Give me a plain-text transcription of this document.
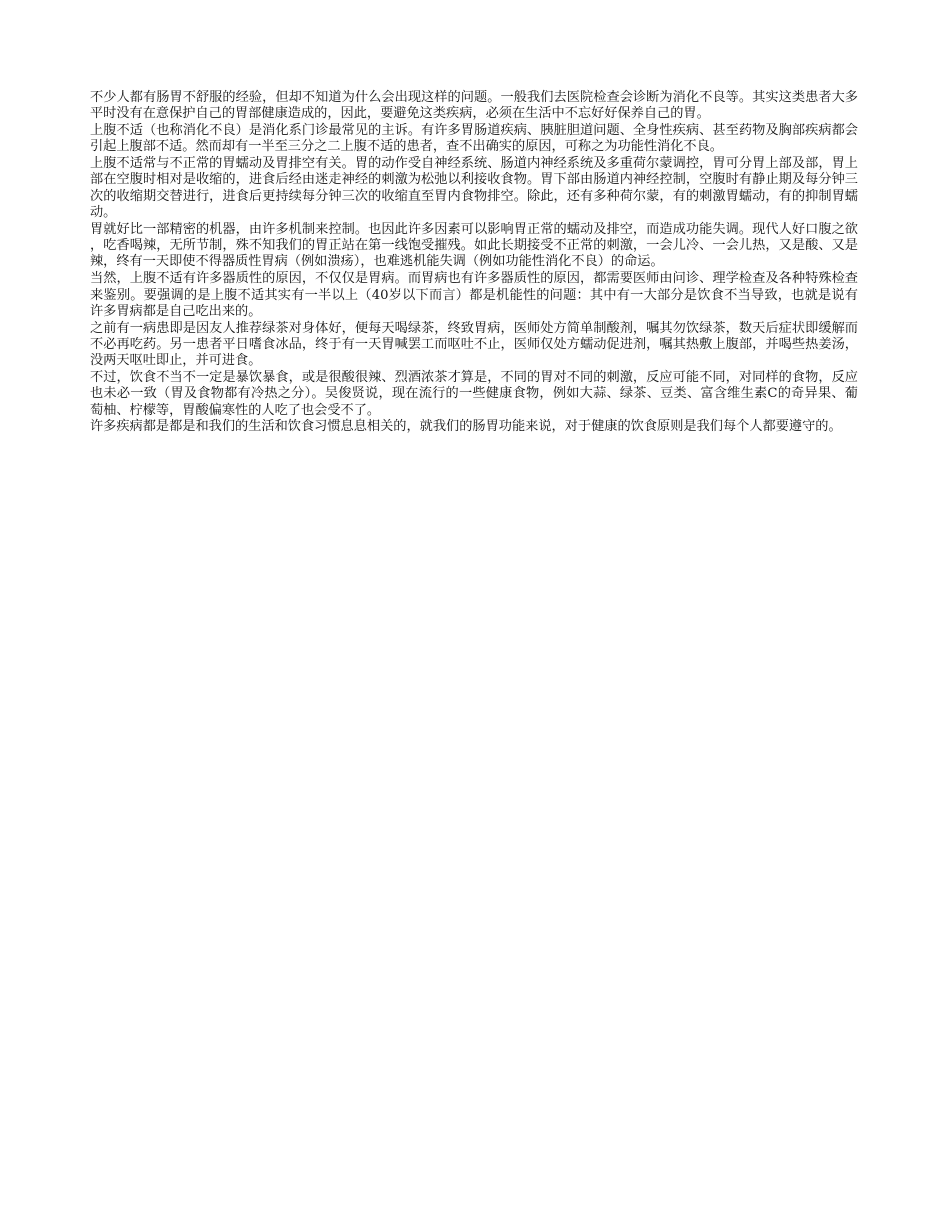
不少人都有肠胃不舒服的经验，但却不知道为什么会出现这样的问题。一般我们去医院检查会诊断为消化不良等。其实这类患者大多平时没有在意保护自己的胃部健康造成的，因此，要避免这类疾病，必须在生活中不忘好好保养自己的胃。

上腹不适（也称消化不良）是消化系门诊最常见的主诉。有许多胃肠道疾病、胰脏胆道问题、全身性疾病、甚至药物及胸部疾病都会引起上腹部不适。然而却有一半至三分之二上腹不适的患者，查不出确实的原因，可称之为功能性消化不良。

上腹不适常与不正常的胃蠕动及胃排空有关。胃的动作受自神经系统、肠道内神经系统及多重荷尔蒙调控，胃可分胃上部及部，胃上部在空腹时相对是收缩的，进食后经由迷走神经的刺激为松弛以利接收食物。胃下部由肠道内神经控制，空腹时有静止期及每分钟三次的收缩期交替进行，进食后更持续每分钟三次的收缩直至胃内食物排空。除此，还有多种荷尔蒙，有的刺激胃蠕动，有的抑制胃蠕动。

胃就好比一部精密的机器，由许多机制来控制。也因此许多因素可以影响胃正常的蠕动及排空，而造成功能失调。现代人好口腹之欲，吃香喝辣，无所节制，殊不知我们的胃正站在第一线饱受摧残。如此长期接受不正常的刺激，一会儿冷、一会儿热，又是酸、又是辣，终有一天即使不得器质性胃病（例如溃疡），也难逃机能失调（例如功能性消化不良）的命运。

当然，上腹不适有许多器质性的原因，不仅仅是胃病。而胃病也有许多器质性的原因，都需要医师由问诊、理学检查及各种特殊检查来鉴别。要强调的是上腹不适其实有一半以上（40岁以下而言）都是机能性的问题：其中有一大部分是饮食不当导致，也就是说有许多胃病都是自己吃出来的。

之前有一病患即是因友人推荐绿茶对身体好，便每天喝绿茶，终致胃病，医师处方简单制酸剂，嘱其勿饮绿茶，数天后症状即缓解而不必再吃药。另一患者平日嗜食冰品，终于有一天胃喊罢工而呕吐不止，医师仅处方蠕动促进剂，嘱其热敷上腹部，并喝些热姜汤，没两天呕吐即止，并可进食。

不过，饮食不当不一定是暴饮暴食，或是很酸很辣、烈酒浓茶才算是，不同的胃对不同的刺激，反应可能不同，对同样的食物，反应也未必一致（胃及食物都有冷热之分）。吴俊贤说，现在流行的一些健康食物，例如大蒜、绿茶、豆类、富含维生素C的奇异果、葡萄柚、柠檬等，胃酸偏寒性的人吃了也会受不了。

许多疾病都是都是和我们的生活和饮食习惯息息相关的，就我们的肠胃功能来说，对于健康的饮食原则是我们每个人都要遵守的。
